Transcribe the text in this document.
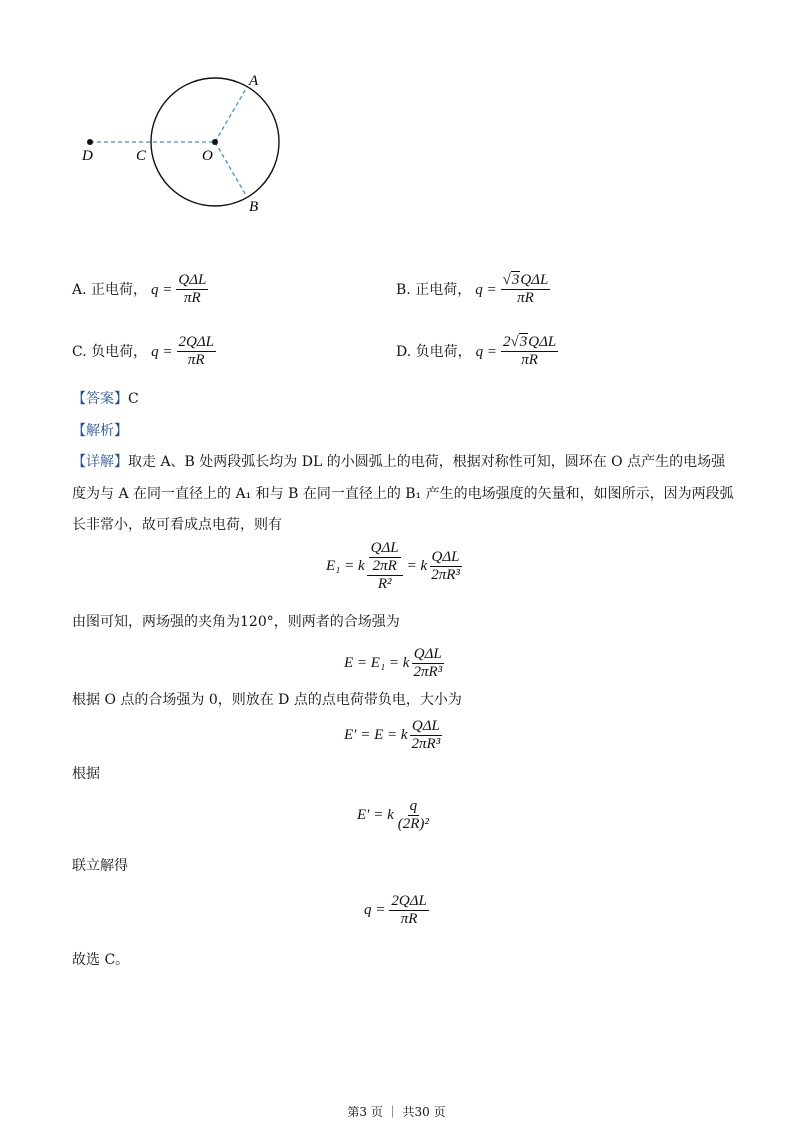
A
B
C
D	O
A. 正电荷， $q = \frac{\text{QΔL}}{\pi R}$	B. 正电荷， $q = \frac{\text{√3QΔL}}{\pi R}$
C. 负电荷， $q = \frac{\text{2QΔL}}{\pi R}$	D. 负电荷， $q = \frac{\text{2√3QΔL}}{\pi R}$
【答案】C
【解析】
【详解】取走 A、B 处两段弧长均为 DL 的小圆弧上的电荷，根据对称性可知，圆环在 O 点产生的电场强
度为与 A 在同一直径上的 A₁ 和与 B 在同一直径上的 B₁ 产生的电场强度的矢量和，如图所示，因为两段弧
长非常小，故可看成点电荷，则有
E₁ = k $\frac{\frac{\text{QΔL}}{2\pi R}}{\text{R²}} = k \frac{\text{QΔL}}{\text{2πR³}}$
由图可知，两场强的夹角为120°，则两者的合场强为
E = E₁ = k $\frac{\text{QΔL}}{\text{2πR³}}$
根据 O 点的合场强为 0，则放在 D 点的点电荷带负电，大小为
E′ = E = k $\frac{\text{QΔL}}{\text{2πR³}}$
根据
E′ = k $\frac{q}{\text{(2R)²}}$
联立解得
$q = \frac{\text{2QΔL}}{\pi R}$
故选 C。
第3 页 ｜ 共30 页
